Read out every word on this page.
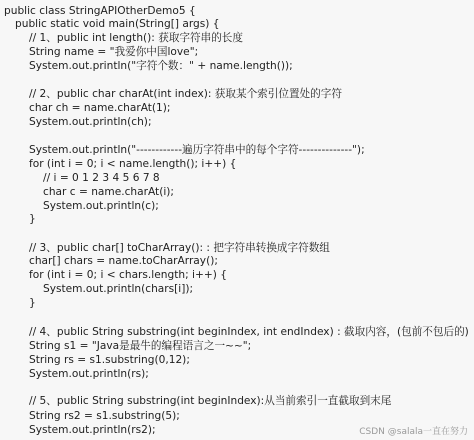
public class StringAPIOtherDemo5 {
public static void main(String[] args) {
// 1、public int length(): 获取字符串的长度
String name = "我爱你中国love";
System.out.println("字符个数：" + name.length());
// 2、public char charAt(int index): 获取某个索引位置处的字符
char ch = name.charAt(1);
System.out.println(ch);
System.out.println("------------遍历字符串中的每个字符--------------");
for (int i = 0; i < name.length(); i++) {
// i = 0 1 2 3 4 5 6 7 8
char c = name.charAt(i);
System.out.println(c);
}
// 3、public char[] toCharArray(): : 把字符串转换成字符数组
char[] chars = name.toCharArray();
for (int i = 0; i < chars.length; i++) {
System.out.println(chars[i]);
}
// 4、public String substring(int beginIndex, int endIndex) : 截取内容，(包前不包后的)
String s1 = "Java是最牛的编程语言之一~~";
String rs = s1.substring(0,12);
System.out.println(rs);
// 5、public String substring(int beginIndex):从当前索引一直截取到末尾
String rs2 = s1.substring(5);
System.out.println(rs2);	CSDN @salala一直在努力
